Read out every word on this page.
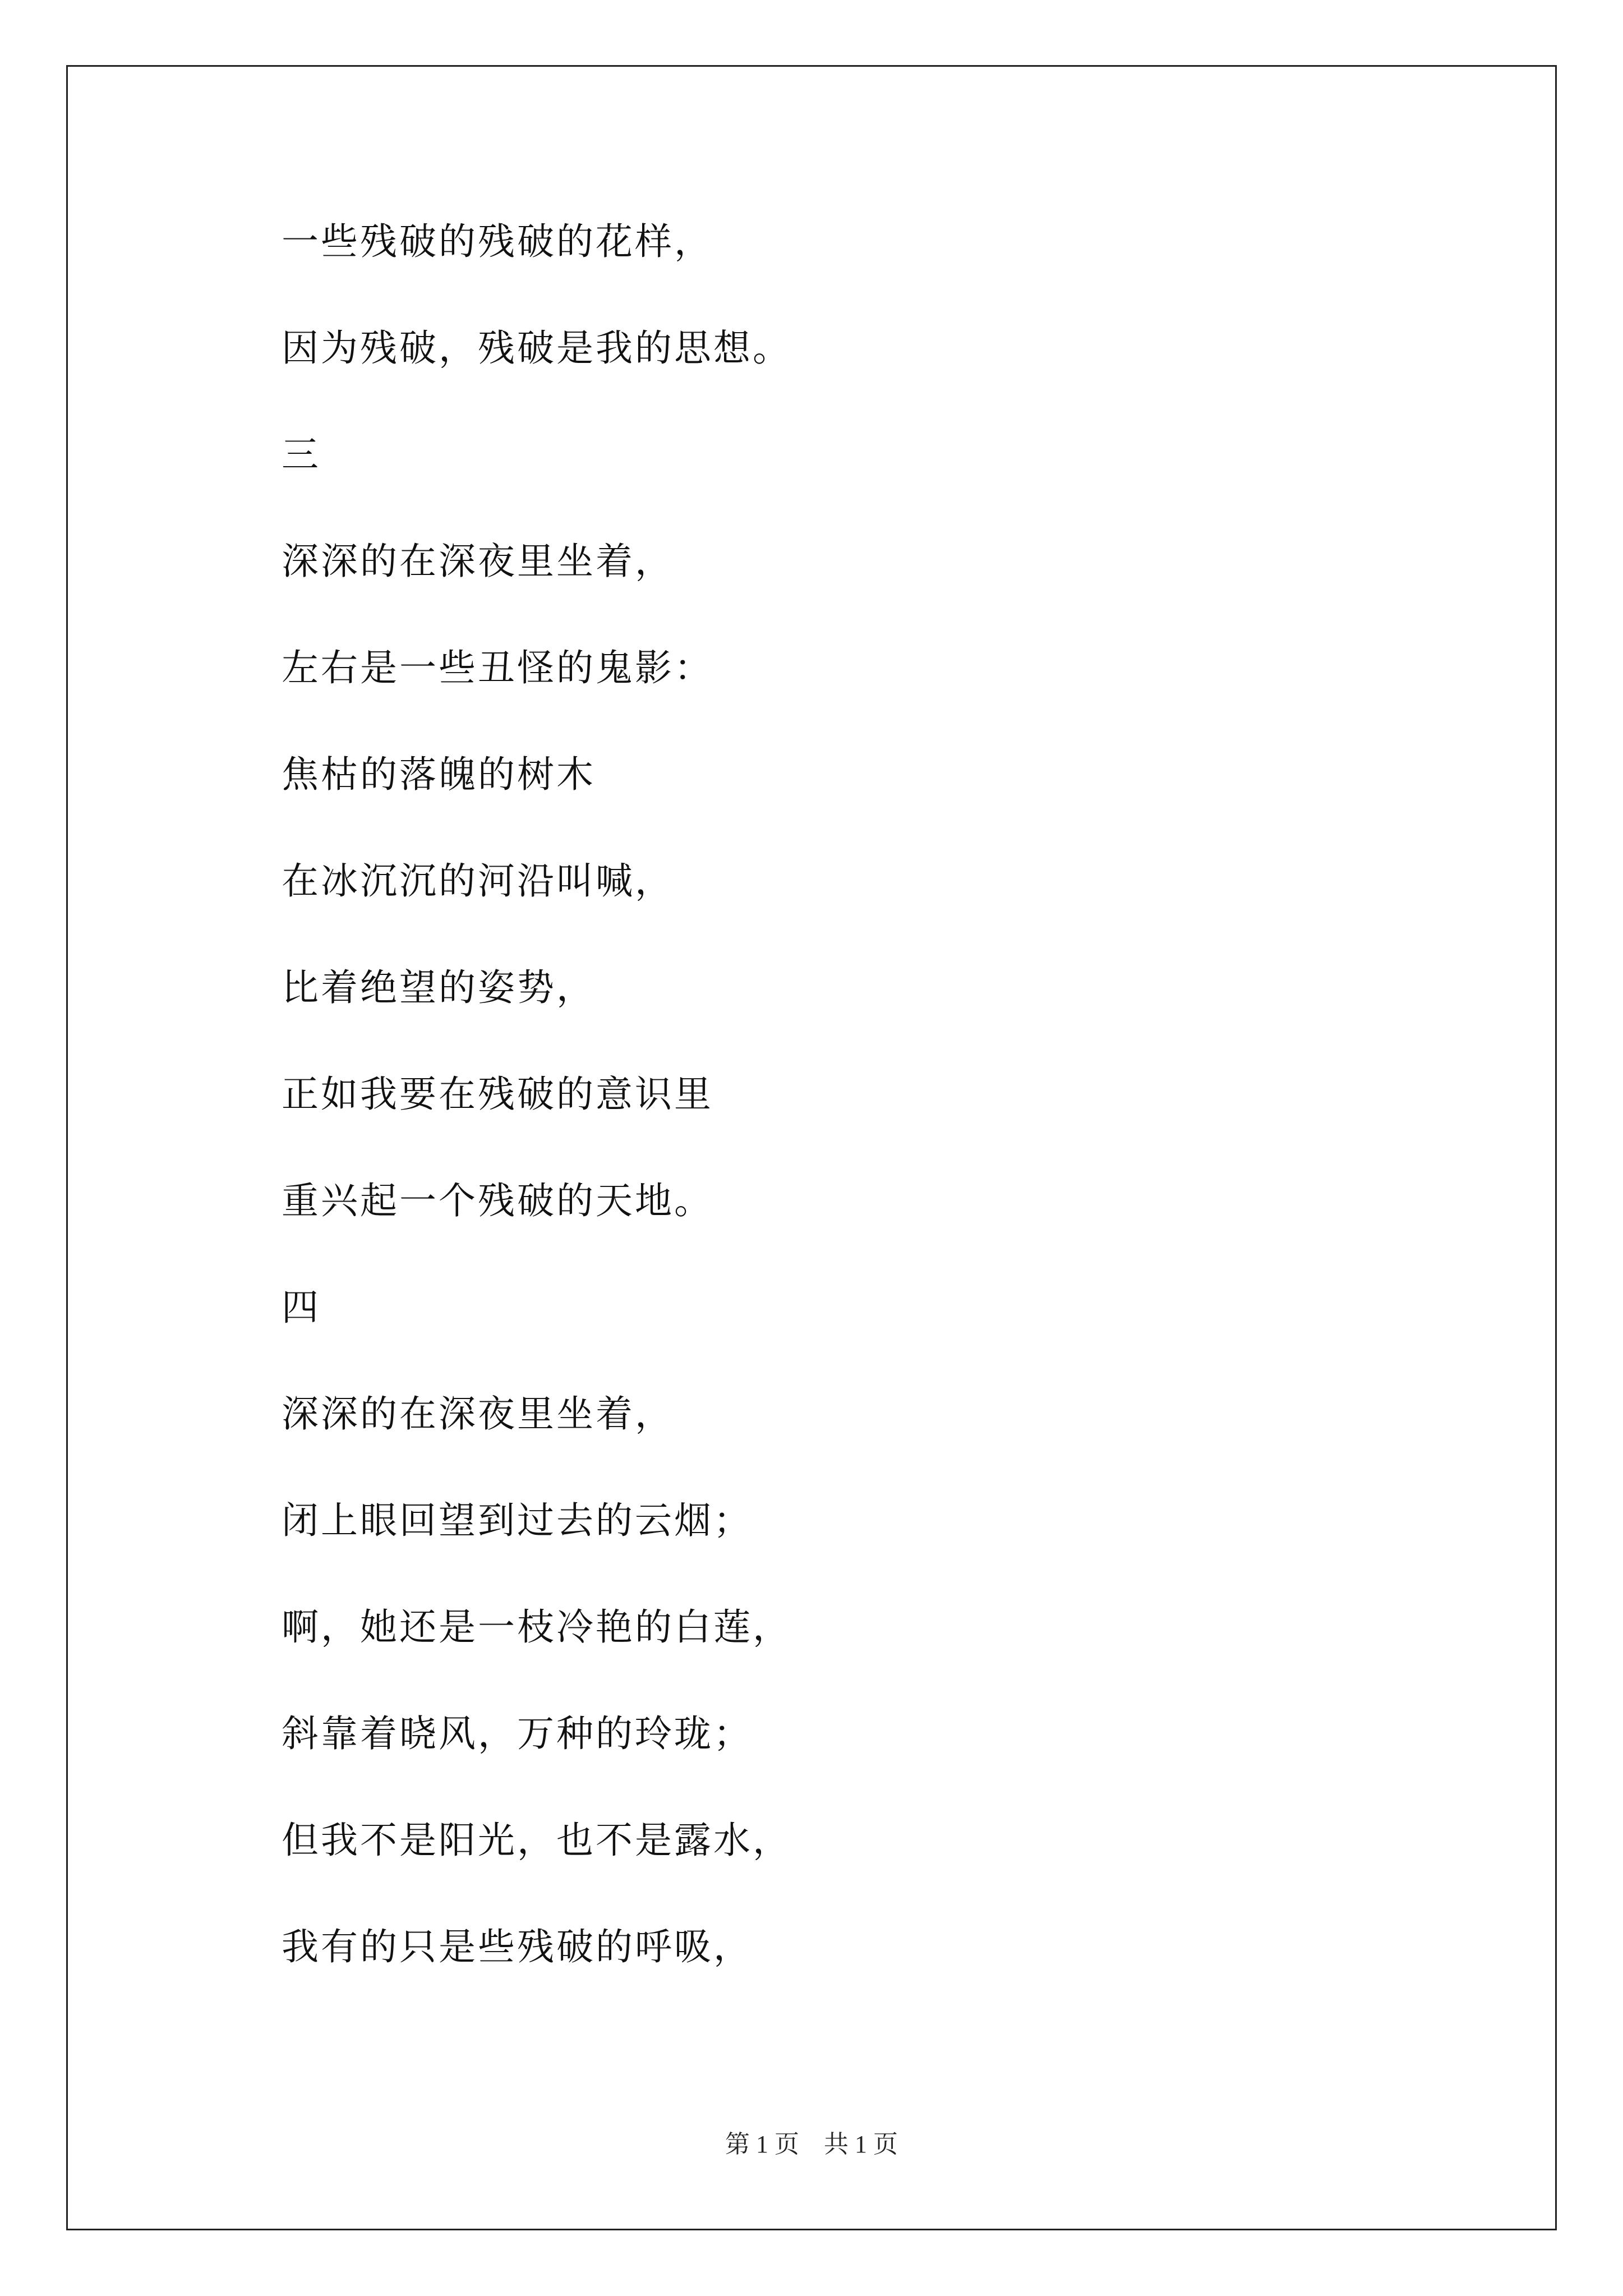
一些残破的残破的花样，
因为残破，残破是我的思想。
三
深深的在深夜里坐着，
左右是一些丑怪的鬼影：
焦枯的落魄的树木
在冰沉沉的河沿叫喊，
比着绝望的姿势，
正如我要在残破的意识里
重兴起一个残破的天地。
四
深深的在深夜里坐着，
闭上眼回望到过去的云烟；
啊，她还是一枝冷艳的白莲，
斜靠着晓风，万种的玲珑；
但我不是阳光，也不是露水，
我有的只是些残破的呼吸，
第 1 页    共 1 页
